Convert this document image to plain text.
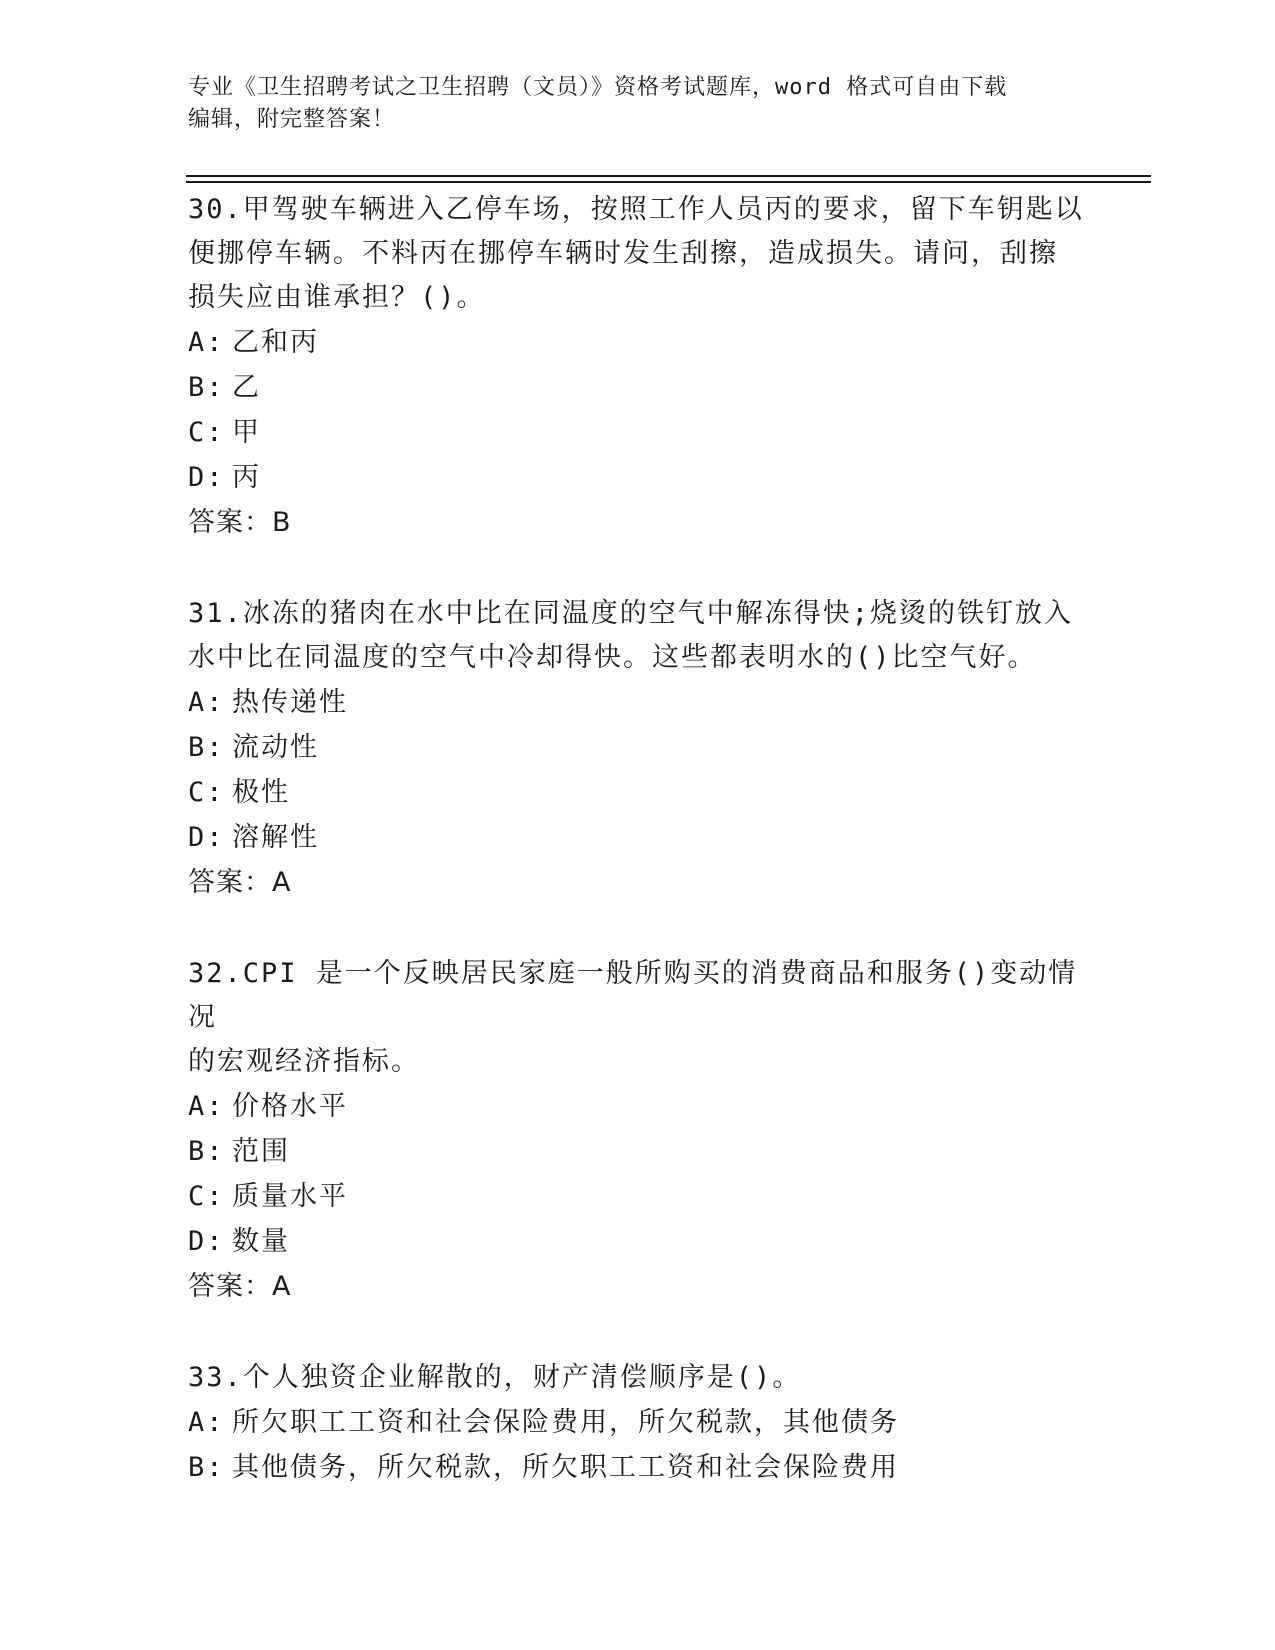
专业《卫生招聘考试之卫生招聘（文员）》资格考试题库，word 格式可自由下载
编辑，附完整答案！
30.甲驾驶车辆进入乙停车场，按照工作人员丙的要求，留下车钥匙以
便挪停车辆。不料丙在挪停车辆时发生刮擦，造成损失。请问，刮擦
损失应由谁承担？()。
A: 乙和丙
B: 乙
C: 甲
D: 丙
答案：B
31.冰冻的猪肉在水中比在同温度的空气中解冻得快;烧烫的铁钉放入
水中比在同温度的空气中冷却得快。这些都表明水的()比空气好。
A: 热传递性
B: 流动性
C: 极性
D: 溶解性
答案：A
32.CPI 是一个反映居民家庭一般所购买的消费商品和服务()变动情况
的宏观经济指标。
A: 价格水平
B: 范围
C: 质量水平
D: 数量
答案：A
33.个人独资企业解散的，财产清偿顺序是()。
A: 所欠职工工资和社会保险费用，所欠税款，其他债务
B: 其他债务，所欠税款，所欠职工工资和社会保险费用
